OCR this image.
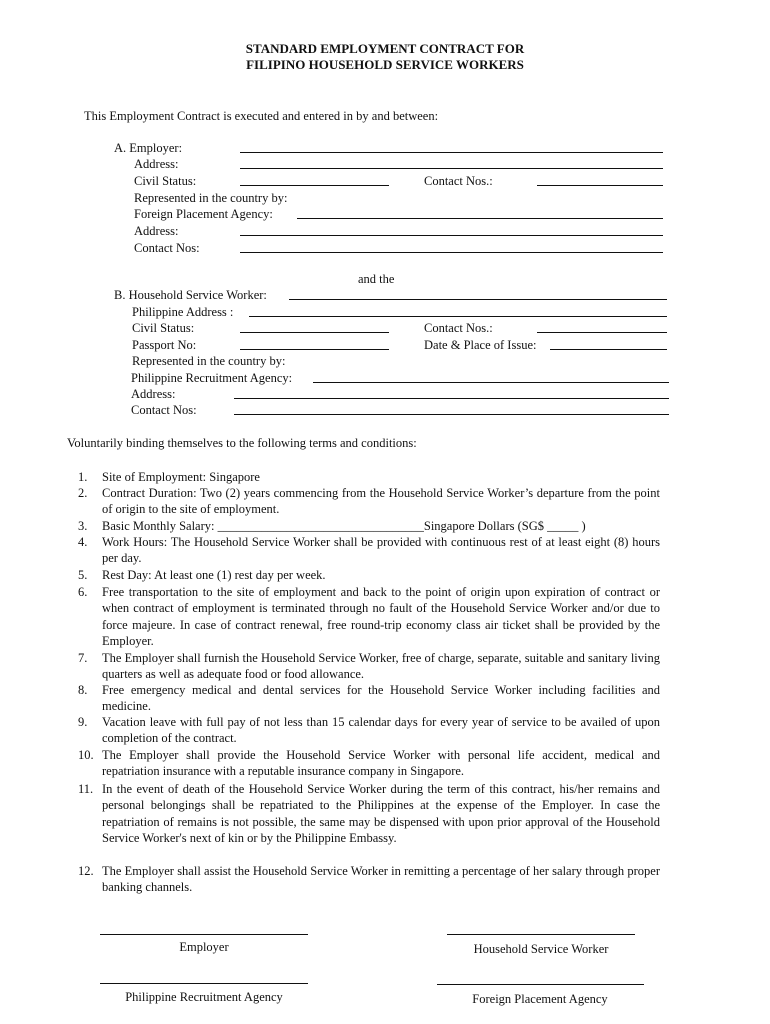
STANDARD EMPLOYMENT CONTRACT FOR
FILIPINO HOUSEHOLD SERVICE WORKERS
This Employment Contract is executed and entered in by and between:
A. Employer:
Address:
Civil Status:	Contact Nos.:
Represented in the country by:
Foreign Placement Agency:
Address:
Contact Nos:
and the
B. Household Service Worker:
Philippine Address :
Civil Status:	Contact Nos.:
Passport No:	Date & Place of Issue:
Represented in the country by:
Philippine Recruitment Agency:
Address:
Contact Nos:
Voluntarily binding themselves to the following terms and conditions:
1.	Site of Employment: Singapore
2.	Contract Duration: Two (2) years commencing from the Household Service Worker’s departure from the point of origin to the site of employment.
3.	Basic Monthly Salary: _________________________________Singapore Dollars (SG$ _____ )
4.	Work Hours: The Household Service Worker shall be provided with continuous rest of at least eight (8) hours per day.
5.	Rest Day: At least one (1) rest day per week.
6.	Free transportation to the site of employment and back to the point of origin upon expiration of contract or when contract of employment is terminated through no fault of the Household Service Worker and/or due to force majeure. In case of contract renewal, free round-trip economy class air ticket shall be provided by the Employer.
7.	The Employer shall furnish the Household Service Worker, free of charge, separate, suitable and sanitary living quarters as well as adequate food or food allowance.
8.	Free emergency medical and dental services for the Household Service Worker including facilities and medicine.
9.	Vacation leave with full pay of not less than 15 calendar days for every year of service to be availed of upon completion of the contract.
10. The Employer shall provide the Household Service Worker with personal life accident, medical and repatriation insurance with a reputable insurance company in Singapore.
11. In the event of death of the Household Service Worker during the term of this contract, his/her remains and personal belongings shall be repatriated to the Philippines at the expense of the Employer. In case the repatriation of remains is not possible, the same may be dispensed with upon prior approval of the Household Service Worker's next of kin or by the Philippine Embassy.
12. The Employer shall assist the Household Service Worker in remitting a percentage of her salary through proper banking channels.
Employer	Household Service Worker
Philippine Recruitment Agency	Foreign Placement Agency
